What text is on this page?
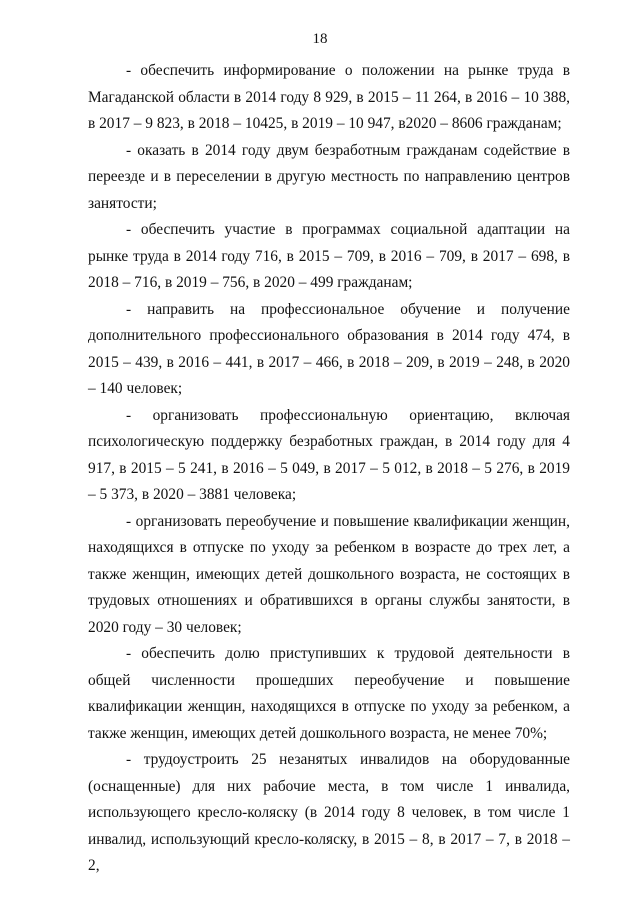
18

- обеспечить информирование о положении на рынке труда в Магаданской области в 2014 году 8 929, в 2015 – 11 264, в 2016 – 10 388, в 2017 – 9 823, в 2018 – 10425, в 2019 – 10 947, в2020 – 8606 гражданам;

- оказать в 2014 году двум безработным гражданам содействие в переезде и в переселении в другую местность по направлению центров занятости;

- обеспечить участие в программах социальной адаптации на рынке труда в 2014 году 716, в 2015 – 709, в 2016 – 709, в 2017 – 698, в 2018 – 716, в 2019 – 756, в 2020 – 499 гражданам;

- направить на профессиональное обучение и получение дополнительного профессионального образования в 2014 году 474, в 2015 – 439, в 2016 – 441, в 2017 – 466, в 2018 – 209, в 2019 – 248, в 2020 – 140 человек;

- организовать профессиональную ориентацию, включая психологическую поддержку безработных граждан, в 2014 году для 4 917, в 2015 – 5 241, в 2016 – 5 049, в 2017 – 5 012, в 2018 – 5 276, в 2019 – 5 373, в 2020 – 3881 человека;

- организовать переобучение и повышение квалификации женщин, находящихся в отпуске по уходу за ребенком в возрасте до трех лет, а также женщин, имеющих детей дошкольного возраста, не состоящих в трудовых отношениях и обратившихся в органы службы занятости, в 2020 году – 30 человек;

- обеспечить долю приступивших к трудовой деятельности в общей численности прошедших переобучение и повышение квалификации женщин, находящихся в отпуске по уходу за ребенком, а также женщин, имеющих детей дошкольного возраста, не менее 70%;

- трудоустроить 25 незанятых инвалидов на оборудованные (оснащенные) для них рабочие места, в том числе 1 инвалида, использующего кресло-коляску (в 2014 году 8 человек, в том числе 1 инвалид, использующий кресло-коляску, в 2015 – 8, в 2017 – 7, в 2018 – 2,
